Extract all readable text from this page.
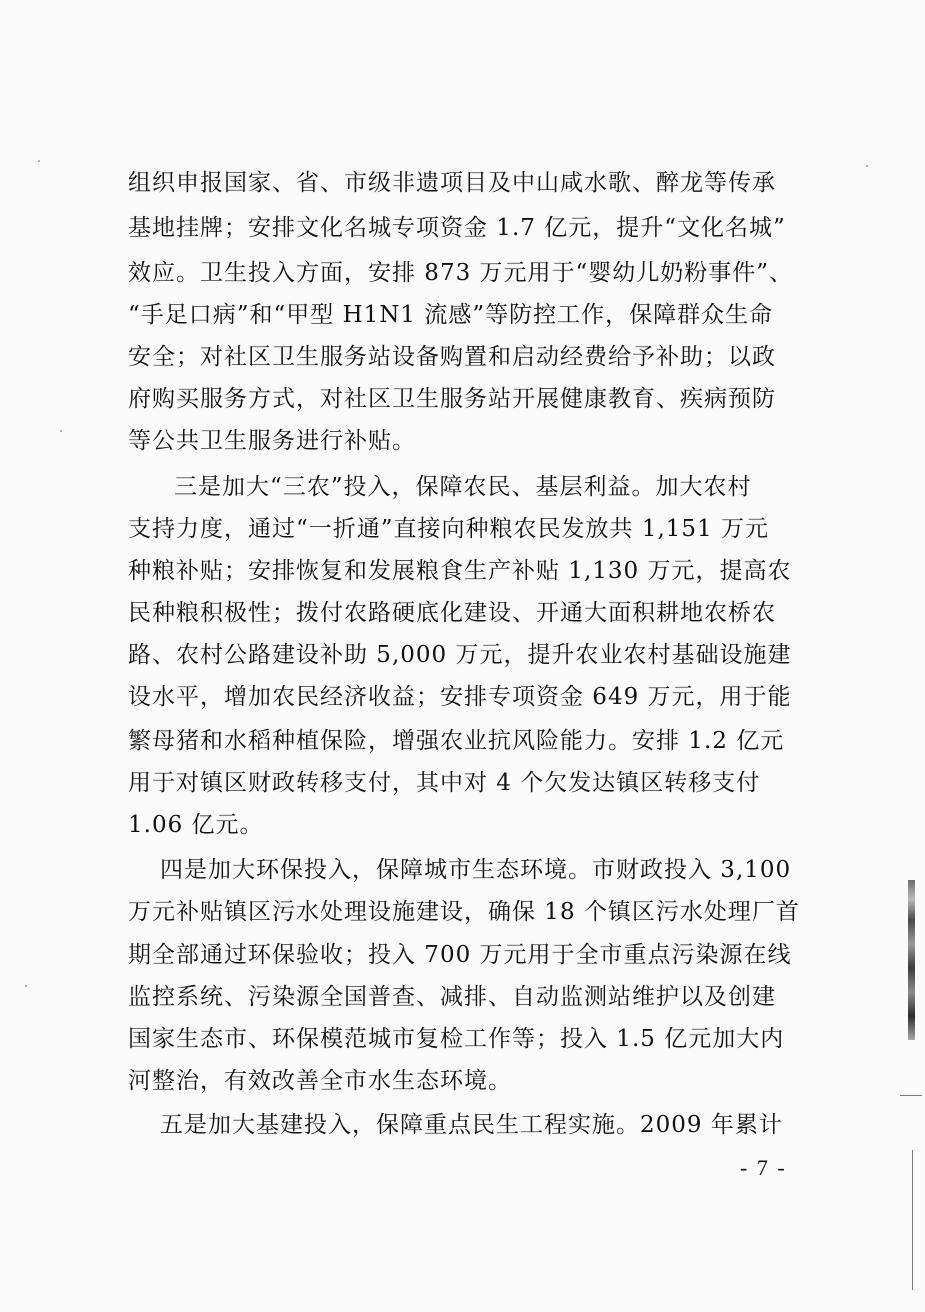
组织申报国家、省、市级非遗项目及中山咸水歌、醉龙等传承
基地挂牌；安排文化名城专项资金 1.7 亿元，提升“文化名城”
效应。卫生投入方面，安排 873 万元用于“婴幼儿奶粉事件”、
“手足口病”和“甲型 H1N1 流感”等防控工作，保障群众生命
安全；对社区卫生服务站设备购置和启动经费给予补助；以政
府购买服务方式，对社区卫生服务站开展健康教育、疾病预防
等公共卫生服务进行补贴。
三是加大“三农”投入，保障农民、基层利益。加大农村
支持力度，通过“一折通”直接向种粮农民发放共 1,151 万元
种粮补贴；安排恢复和发展粮食生产补贴 1,130 万元，提高农
民种粮积极性；拨付农路硬底化建设、开通大面积耕地农桥农
路、农村公路建设补助 5,000 万元，提升农业农村基础设施建
设水平，增加农民经济收益；安排专项资金 649 万元，用于能
繁母猪和水稻种植保险，增强农业抗风险能力。安排 1.2 亿元
用于对镇区财政转移支付，其中对 4 个欠发达镇区转移支付
1.06 亿元。
四是加大环保投入，保障城市生态环境。市财政投入 3,100
万元补贴镇区污水处理设施建设，确保 18 个镇区污水处理厂首
期全部通过环保验收；投入 700 万元用于全市重点污染源在线
监控系统、污染源全国普查、减排、自动监测站维护以及创建
国家生态市、环保模范城市复检工作等；投入 1.5 亿元加大内
河整治，有效改善全市水生态环境。
五是加大基建投入，保障重点民生工程实施。2009 年累计
- 7 -
